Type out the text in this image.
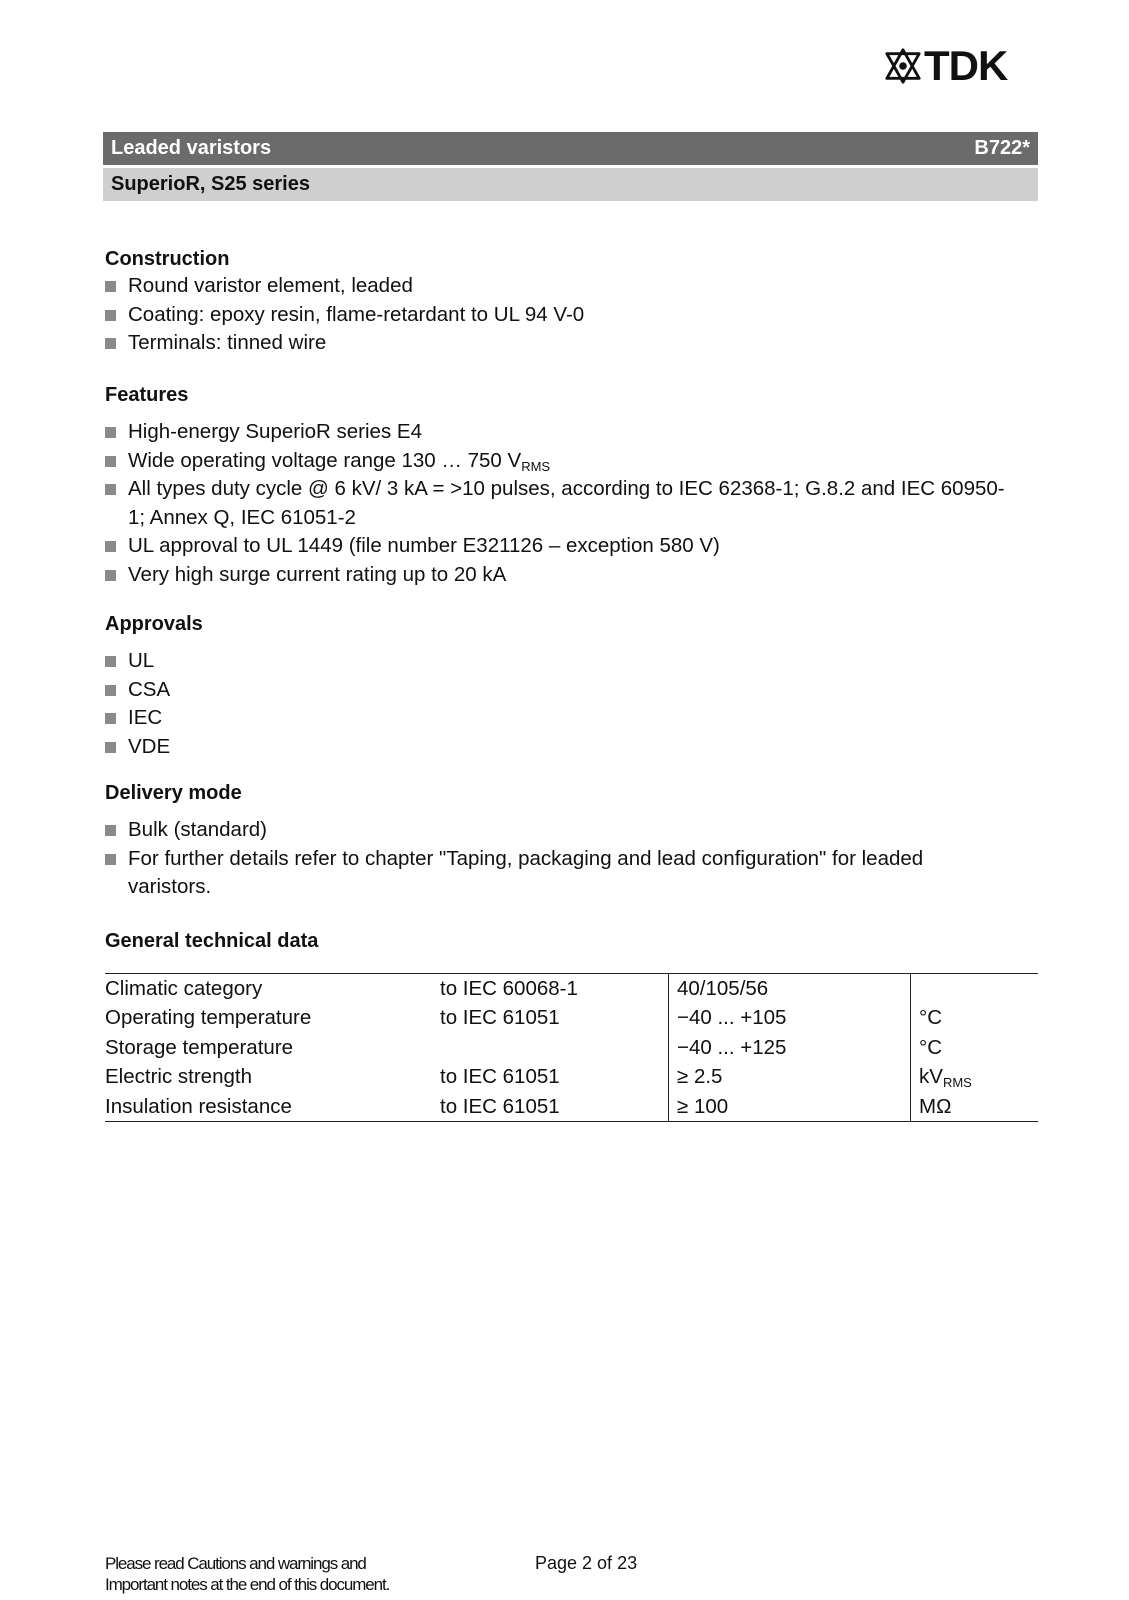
TDK
Leaded varistors	B722*
SuperioR, S25 series
Construction
Round varistor element, leaded
Coating: epoxy resin, flame-retardant to UL 94 V-0
Terminals: tinned wire
Features
High-energy SuperioR series E4
Wide operating voltage range 130 … 750 $V_{RMS}$
All types duty cycle @ 6 kV/ 3 kA = >10 pulses, according to IEC 62368-1; G.8.2 and IEC 60950-1; Annex Q, IEC 61051-2
UL approval to UL 1449 (file number E321126 – exception 580 V)
Very high surge current rating up to 20 kA
Approvals
UL
CSA
IEC
VDE
Delivery mode
Bulk (standard)
For further details refer to chapter "Taping, packaging and lead configuration" for leaded varistors.
General technical data
Climatic category	to IEC 60068-1	40/105/56	
Operating temperature	to IEC 61051	−40 ... +105	°C
Storage temperature		−40 ... +125	°C
Electric strength	to IEC 61051	≥ 2.5	$kV_{RMS}$
Insulation resistance	to IEC 61051	≥ 100	MΩ
Please read Cautions and warnings and
Important notes at the end of this document.
Page 2 of 23
